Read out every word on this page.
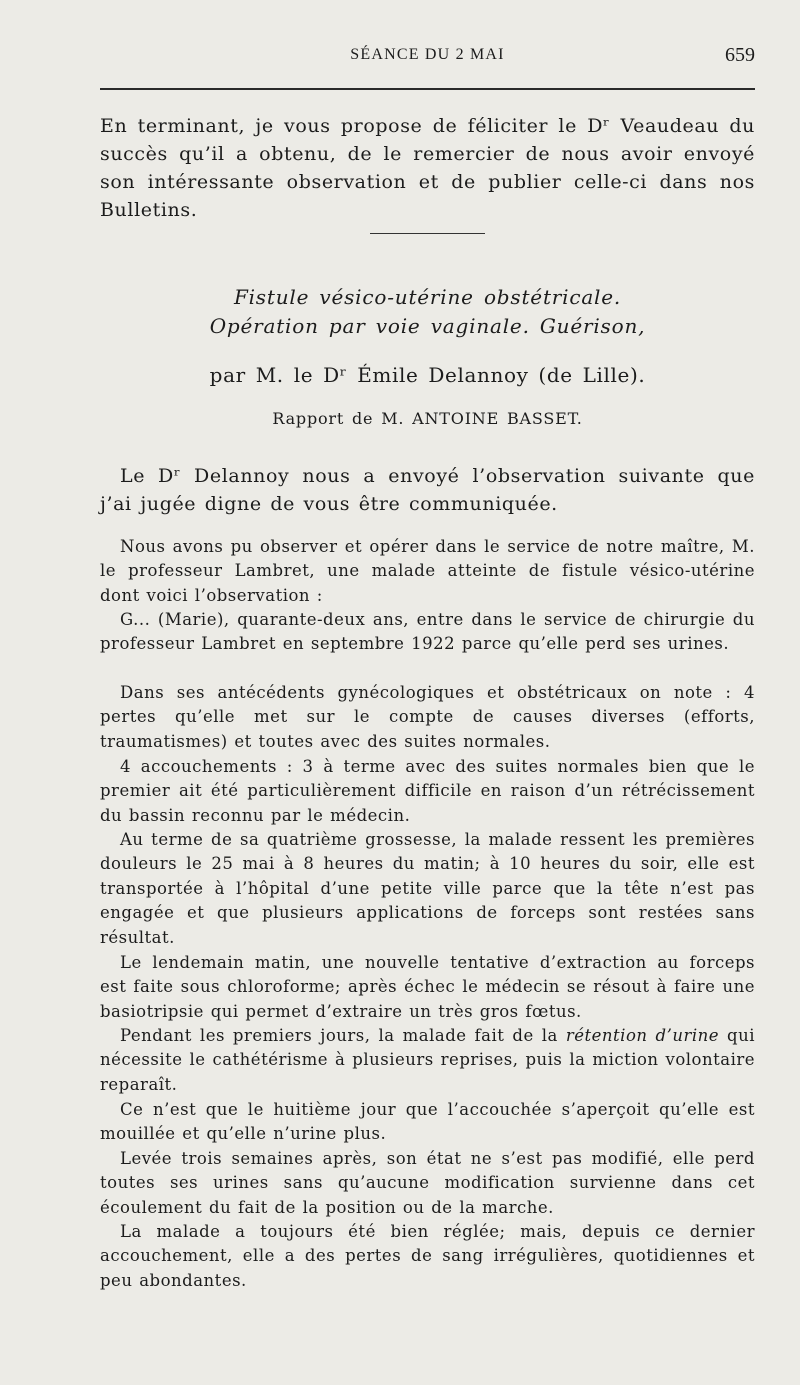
SÉANCE DU 2 MAI	659

En terminant, je vous propose de féliciter le Dʳ Veaudeau du succès qu’il a obtenu, de le remercier de nous avoir envoyé son intéressante observation et de publier celle-ci dans nos Bulletins.

Fistule vésico-utérine obstétricale.

Opération par voie vaginale. Guérison,

par M. le Dʳ Émile Delannoy (de Lille).

Rapport de M. ANTOINE BASSET.

Le Dʳ Delannoy nous a envoyé l’observation suivante que j’ai jugée digne de vous être communiquée.

Nous avons pu observer et opérer dans le service de notre maître, M. le professeur Lambret, une malade atteinte de fistule vésico-utérine dont voici l’observation :

G... (Marie), quarante-deux ans, entre dans le service de chirurgie du professeur Lambret en septembre 1922 parce qu’elle perd ses urines.

Dans ses antécédents gynécologiques et obstétricaux on note : 4 pertes qu’elle met sur le compte de causes diverses (efforts, traumatismes) et toutes avec des suites normales.

4 accouchements : 3 à terme avec des suites normales bien que le premier ait été particulièrement difficile en raison d’un rétrécissement du bassin reconnu par le médecin.

Au terme de sa quatrième grossesse, la malade ressent les premières douleurs le 25 mai à 8 heures du matin; à 10 heures du soir, elle est transportée à l’hôpital d’une petite ville parce que la tête n’est pas engagée et que plusieurs applications de forceps sont restées sans résultat.

Le lendemain matin, une nouvelle tentative d’extraction au forceps est faite sous chloroforme; après échec le médecin se résout à faire une basiotripsie qui permet d’extraire un très gros fœtus.

Pendant les premiers jours, la malade fait de la rétention d’urine qui nécessite le cathétérisme à plusieurs reprises, puis la miction volontaire reparaît.

Ce n’est que le huitième jour que l’accouchée s’aperçoit qu’elle est mouillée et qu’elle n’urine plus.

Levée trois semaines après, son état ne s’est pas modifié, elle perd toutes ses urines sans qu’aucune modification survienne dans cet écoulement du fait de la position ou de la marche.

La malade a toujours été bien réglée; mais, depuis ce dernier accouchement, elle a des pertes de sang irrégulières, quotidiennes et peu abondantes.
